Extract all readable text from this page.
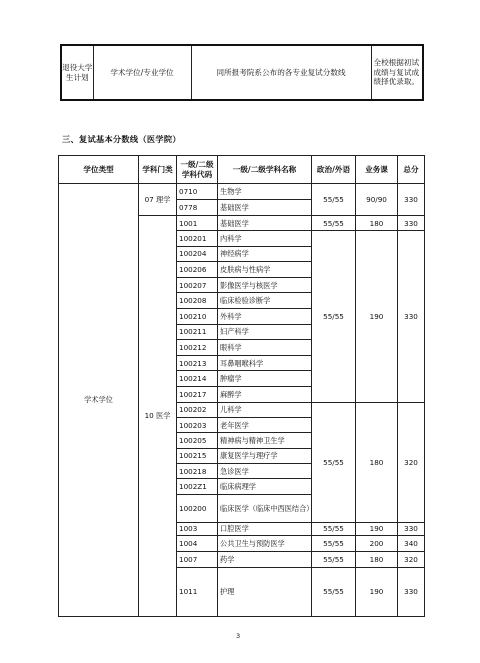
退役大学生计划	学术学位/专业学位	同所报考院系公布的各专业复试分数线	全校根据初试成绩与复试成绩择优录取。
三、复试基本分数线（医学院）
学位类型	学科门类	一级/二级学科代码	一级/二级学科名称	政治/外语	业务课	总分
学术学位	07 理学	0710	生物学	55/55	90/90	330
		0778	基础医学			
	10 医学	1001	基础医学	55/55	180	330
		100201	内科学	55/55	190	330
		100204	神经病学			
		100206	皮肤病与性病学			
		100207	影像医学与核医学			
		100208	临床检验诊断学			
		100210	外科学			
		100211	妇产科学			
		100212	眼科学			
		100213	耳鼻咽喉科学			
		100214	肿瘤学			
		100217	麻醉学			
		100202	儿科学	55/55	180	320
		100203	老年医学			
		100205	精神病与精神卫生学			
		100215	康复医学与理疗学			
		100218	急诊医学			
		1002Z1	临床病理学			
		100200	临床医学（临床中西医结合）			
		1003	口腔医学	55/55	190	330
		1004	公共卫生与预防医学	55/55	200	340
		1007	药学	55/55	180	320
		1011	护理	55/55	190	330
3
